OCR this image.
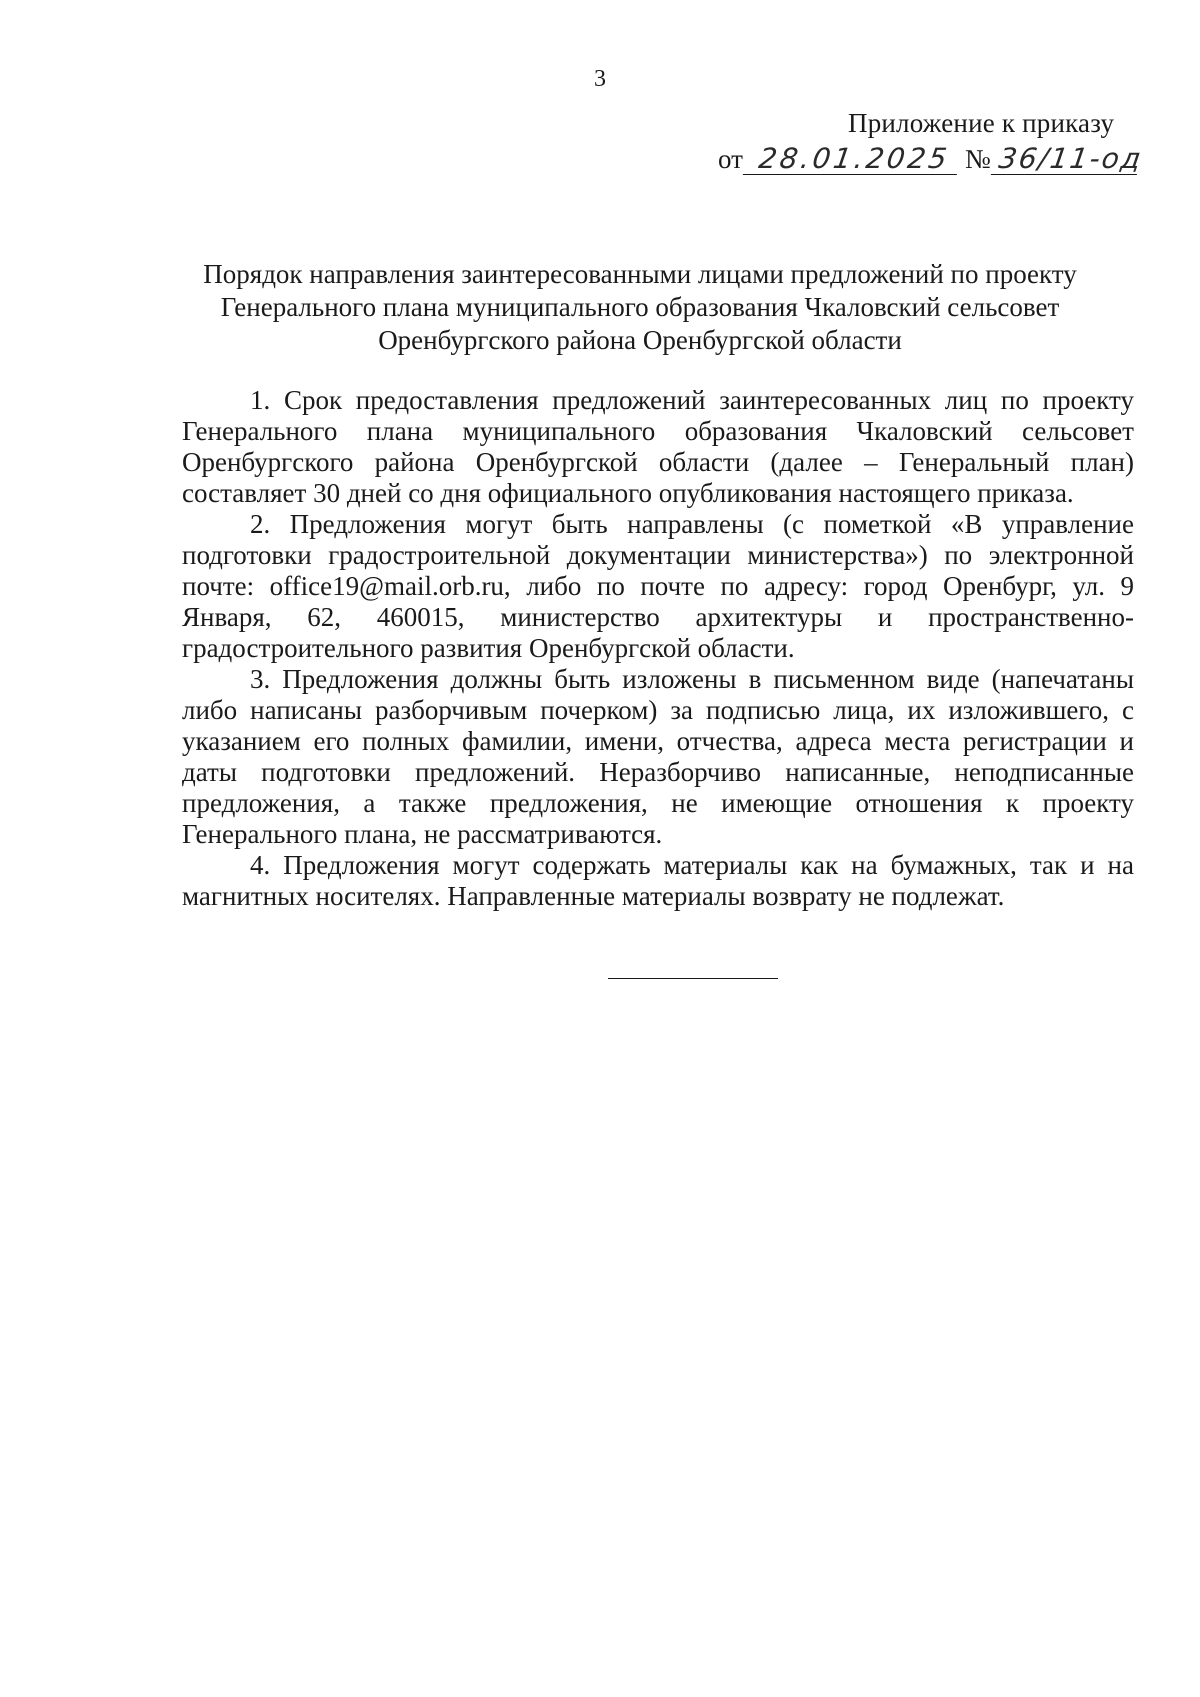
3
Приложение к приказу
от 28.01.2025 № 36/11-од
Порядок направления заинтересованными лицами предложений по проекту Генерального плана муниципального образования Чкаловский сельсовет Оренбургского района Оренбургской области

1. Срок предоставления предложений заинтересованных лиц по проекту Генерального плана муниципального образования Чкаловский сельсовет Оренбургского района Оренбургской области (далее – Генеральный план) составляет 30 дней со дня официального опубликования настоящего приказа.

2. Предложения могут быть направлены (с пометкой «В управление подготовки градостроительной документации министерства») по электронной почте: office19@mail.orb.ru, либо по почте по адресу: город Оренбург, ул. 9 Января, 62, 460015, министерство архитектуры и пространственно-градостроительного развития Оренбургской области.

3. Предложения должны быть изложены в письменном виде (напечатаны либо написаны разборчивым почерком) за подписью лица, их изложившего, с указанием его полных фамилии, имени, отчества, адреса места регистрации и даты подготовки предложений. Неразборчиво написанные, неподписанные предложения, а также предложения, не имеющие отношения к проекту Генерального плана, не рассматриваются.

4. Предложения могут содержать материалы как на бумажных, так и на магнитных носителях. Направленные материалы возврату не подлежат.
